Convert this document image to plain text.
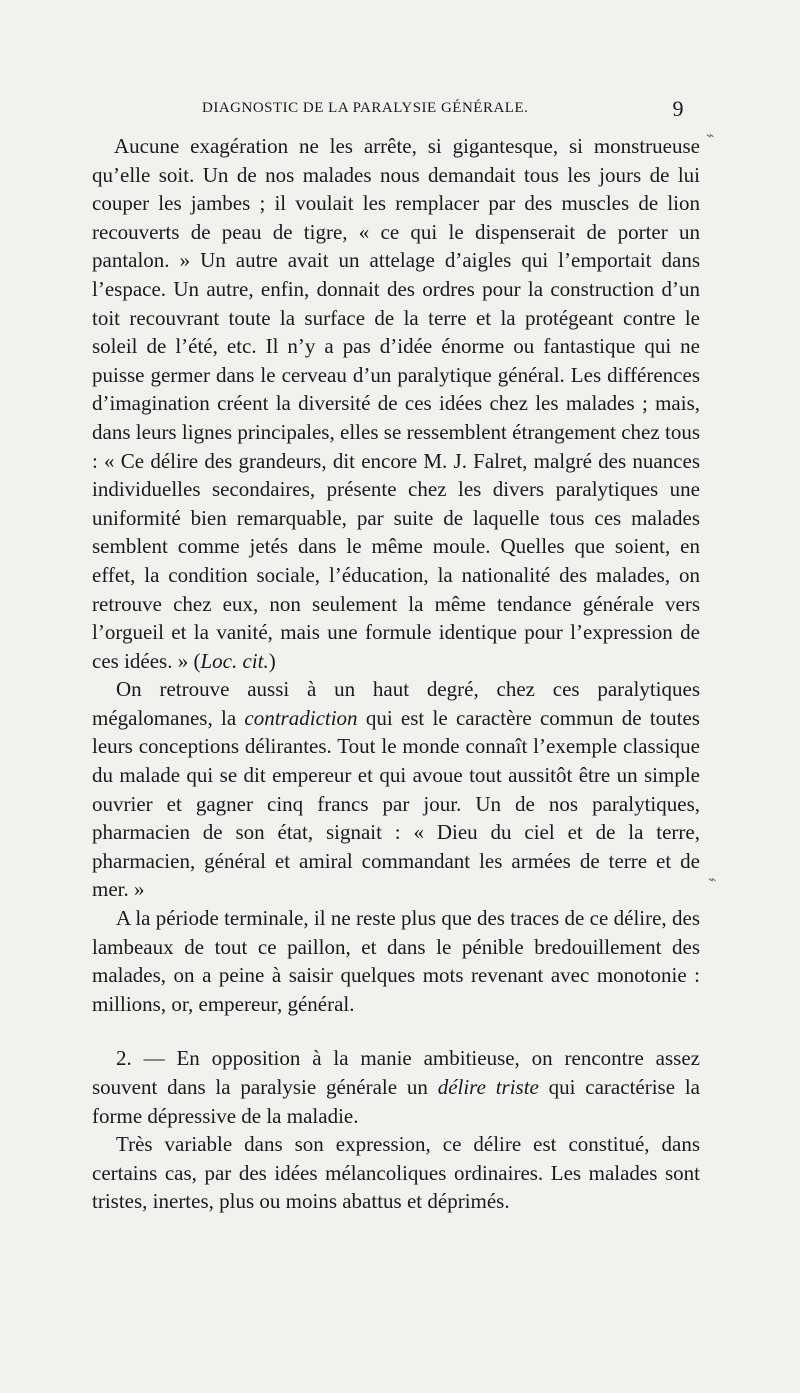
DIAGNOSTIC DE LA PARALYSIE GÉNÉRALE.	9

Aucune exagération ne les arrête, si gigantesque, si monstrueuse qu’elle soit. Un de nos malades nous demandait tous les jours de lui couper les jambes ; il voulait les remplacer par des muscles de lion recouverts de peau de tigre, « ce qui le dispenserait de porter un pantalon. » Un autre avait un attelage d’aigles qui l’emportait dans l’espace. Un autre, enfin, donnait des ordres pour la construction d’un toit recouvrant toute la surface de la terre et la protégeant contre le soleil de l’été, etc. Il n’y a pas d’idée énorme ou fantastique qui ne puisse germer dans le cerveau d’un paralytique général. Les différences d’imagination créent la diversité de ces idées chez les malades ; mais, dans leurs lignes principales, elles se ressemblent étrangement chez tous : « Ce délire des grandeurs, dit encore M. J. Falret, malgré des nuances individuelles secondaires, présente chez les divers paralytiques une uniformité bien remarquable, par suite de laquelle tous ces malades semblent comme jetés dans le même moule. Quelles que soient, en effet, la condition sociale, l’éducation, la nationalité des malades, on retrouve chez eux, non seulement la même tendance générale vers l’orgueil et la vanité, mais une formule identique pour l’expression de ces idées. » (Loc. cit.)

On retrouve aussi à un haut degré, chez ces paralytiques mégalomanes, la contradiction qui est le caractère commun de toutes leurs conceptions délirantes. Tout le monde connaît l’exemple classique du malade qui se dit empereur et qui avoue tout aussitôt être un simple ouvrier et gagner cinq francs par jour. Un de nos paralytiques, pharmacien de son état, signait : « Dieu du ciel et de la terre, pharmacien, général et amiral commandant les armées de terre et de mer. »

A la période terminale, il ne reste plus que des traces de ce délire, des lambeaux de tout ce paillon, et dans le pénible bredouillement des malades, on a peine à saisir quelques mots revenant avec monotonie : millions, or, empereur, général.

2. — En opposition à la manie ambitieuse, on rencontre assez souvent dans la paralysie générale un délire triste qui caractérise la forme dépressive de la maladie.

Très variable dans son expression, ce délire est constitué, dans certains cas, par des idées mélancoliques ordinaires. Les malades sont tristes, inertes, plus ou moins abattus et déprimés.

⌁
⌁
